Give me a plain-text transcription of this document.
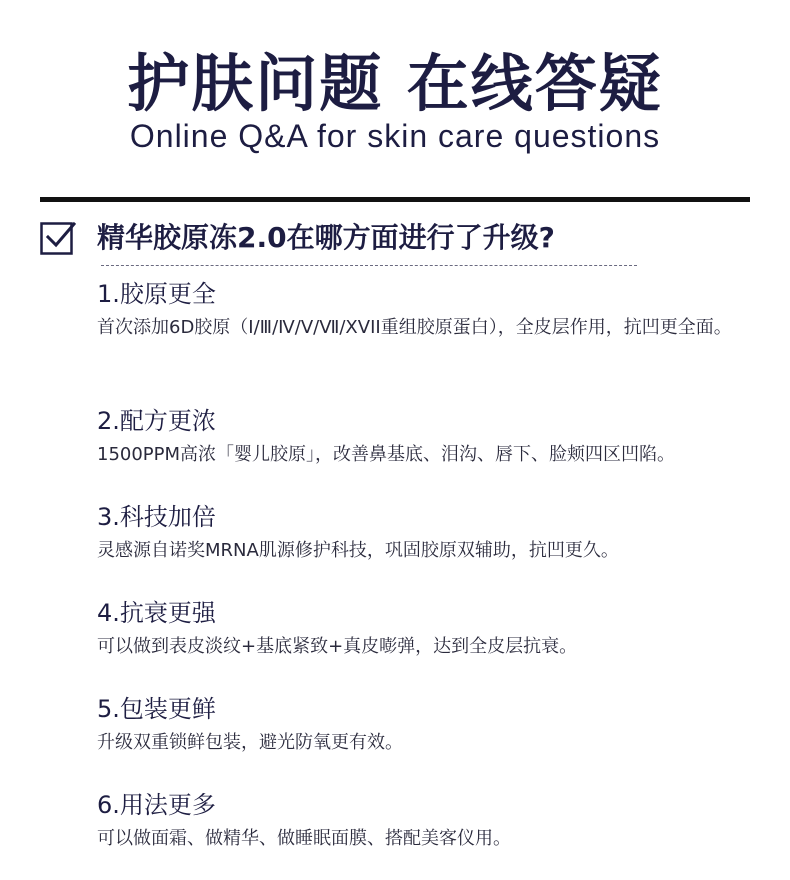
护肤问题 在线答疑
Online Q&A for skin care questions
精华胶原冻2.0在哪方面进行了升级?
1.胶原更全
首次添加6D胶原（Ⅰ/Ⅲ/Ⅳ/Ⅴ/Ⅶ/XVII重组胶原蛋白），全皮层作用，抗凹更全面。
2.配方更浓
1500PPM高浓「婴儿胶原」，改善鼻基底、泪沟、唇下、脸颊四区凹陷。
3.科技加倍
灵感源自诺奖MRNA肌源修护科技，巩固胶原双辅助，抗凹更久。
4.抗衰更强
可以做到表皮淡纹+基底紧致+真皮嘭弹，达到全皮层抗衰。
5.包装更鲜
升级双重锁鲜包装，避光防氧更有效。
6.用法更多
可以做面霜、做精华、做睡眠面膜、搭配美客仪用。
